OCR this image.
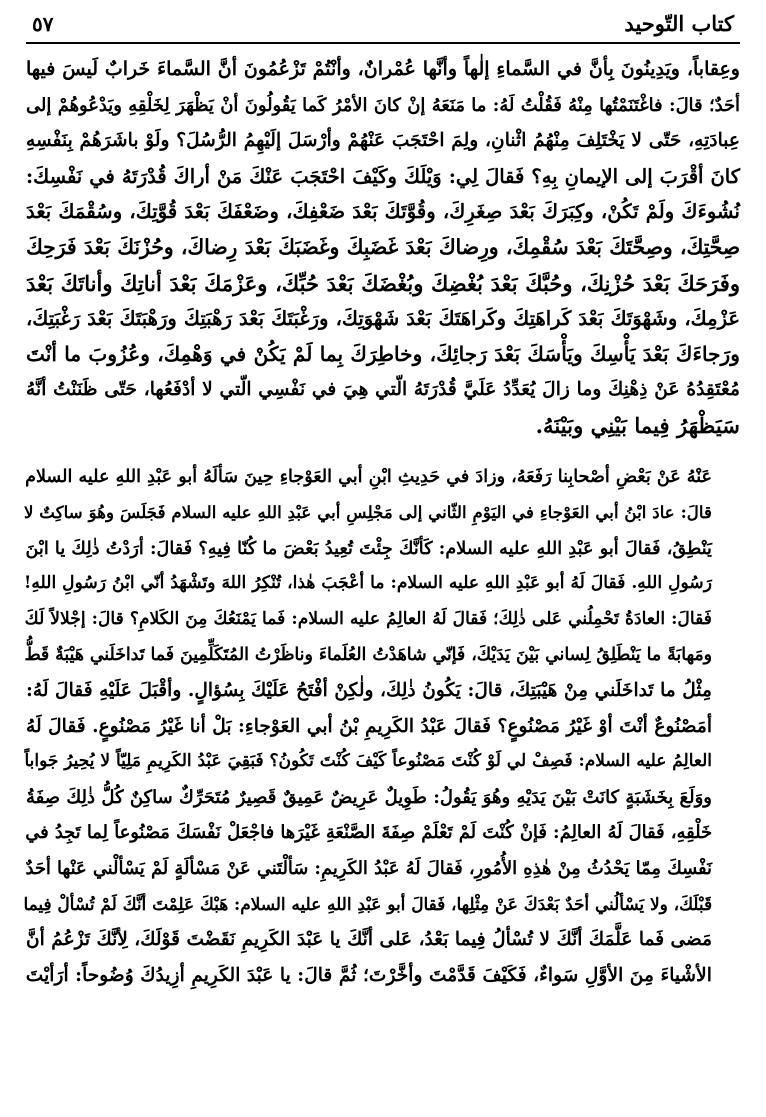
كتاب التّوحيد
٥٧

وعِقاباً، ويَدِينُونَ بِأنَّ في السَّماءِ إلٰهاً وأنَّها عُمْرانٌ، وأنْتُمْ تَزْعُمُونَ أنَّ السَّماءَ خَرابٌ لَيسَ فيها
أحَدٌ؛ قالَ: فاغْتَنَمْتُها مِنْهُ فَقُلْتُ لَهُ: ما مَنَعَهُ إنْ كانَ الأمْرُ كَما يَقُولُونَ أنْ يَظْهَرَ لِخَلْقِهِ ويَدْعُوهُمْ إلى
عِبادَتِهِ، حَتّى لا يَخْتَلِفَ مِنْهُمُ اثْنانِ، ولِمَ احْتَجَبَ عَنْهُمْ وأرْسَلَ إلَيْهِمُ الرُّسُلَ؟ ولَوْ باشَرَهُمْ بِنَفْسِهِ
كانَ أقْرَبَ إلى الإيمانِ بِهِ؟ فَقالَ لِي: وَيْلَكَ وكَيْفَ احْتَجَبَ عَنْكَ مَنْ أراكَ قُدْرَتَهُ في نَفْسِكَ:
نُشُوءَكَ ولَمْ تَكُنْ، وكِبَرَكَ بَعْدَ صِغَرِكَ، وقُوَّتَكَ بَعْدَ ضَعْفِكَ، وضَعْفَكَ بَعْدَ قُوَّتِكَ، وسُقْمَكَ بَعْدَ
صِحَّتِكَ، وصِحَّتَكَ بَعْدَ سُقْمِكَ، ورِضاكَ بَعْدَ غَضَبِكَ وغَضَبَكَ بَعْدَ رِضاكَ، وحُزْنَكَ بَعْدَ فَرَحِكَ
وفَرَحَكَ بَعْدَ حُزْنِكَ، وحُبَّكَ بَعْدَ بُغْضِكَ وبُغْضَكَ بَعْدَ حُبِّكَ، وعَزْمَكَ بَعْدَ أناتِكَ وأناتَكَ بَعْدَ
عَزْمِكَ، وشَهْوَتَكَ بَعْدَ كَراهَتِكَ وكَراهَتَكَ بَعْدَ شَهْوَتِكَ، ورَغْبَتَكَ بَعْدَ رَهْبَتِكَ ورَهْبَتَكَ بَعْدَ رَغْبَتِكَ،
ورَجاءَكَ بَعْدَ يَأْسِكَ ويَأْسَكَ بَعْدَ رَجائِكَ، وخاطِرَكَ بِما لَمْ يَكُنْ في وَهْمِكَ، وعُزُوبَ ما أنْتَ
مُعْتَقِدُهُ عَنْ ذِهْنِكَ وما زالَ يُعَدِّدُ عَلَيَّ قُدْرَتَهُ الّتي هِيَ في نَفْسِي الّتي لا أدْفَعُها، حَتّى ظَنَنْتُ أنَّهُ
سَيَظْهَرُ فِيما بَيْنِي وبَيْنَهُ.

عَنْهُ عَنْ بَعْضِ أصْحابِنا رَفَعَهُ، وزادَ في حَدِيثِ ابْنِ أبي العَوْجاءِ حِينَ سَألَهُ أبو عَبْدِ اللهِ عليه السلام
قالَ: عادَ ابْنُ أبي العَوْجاءِ في اليَوْمِ الثّاني إلى مَجْلِسِ أبي عَبْدِ اللهِ عليه السلام فَجَلَسَ وهُوَ ساكِتٌ لا
يَنْطِقُ، فَقالَ أبو عَبْدِ اللهِ عليه السلام: كَأنَّكَ جِئْتَ تُعِيدُ بَعْضَ ما كُنّا فِيهِ؟ فَقالَ: أرَدْتُ ذٰلِكَ يا ابْنَ
رَسُولِ اللهِ. فَقالَ لَهُ أبو عَبْدِ اللهِ عليه السلام: ما أعْجَبَ هٰذا، تُنْكِرُ اللهَ وتَشْهَدُ أنّي ابْنُ رَسُولِ اللهِ!
فَقالَ: العادَةُ تَحْمِلُني عَلى ذٰلِكَ؛ فَقالَ لَهُ العالِمُ عليه السلام: فَما يَمْنَعُكَ مِنَ الكَلامِ؟ قالَ: إجْلالاً لَكَ
ومَهابَةً ما يَنْطَلِقُ لِساني بَيْنَ يَدَيْكَ، فَإنّي شاهَدْتُ العُلَماءَ وناظَرْتُ المُتَكَلِّمِينَ فَما تَداخَلَني هَيْبَةٌ قَطُّ
مِثْلُ ما تَداخَلَني مِنْ هَيْبَتِكَ، قالَ: يَكُونُ ذٰلِكَ، ولٰكِنْ أفْتَحُ عَلَيْكَ بِسُؤالٍ. وأقْبَلَ عَلَيْهِ فَقالَ لَهُ:
أمَصْنُوعٌ أنْتَ أوْ غَيْرُ مَصْنُوعٍ؟ فَقالَ عَبْدُ الكَرِيمِ بْنُ أبي العَوْجاءِ: بَلْ أنا غَيْرُ مَصْنُوعٍ. فَقالَ لَهُ
العالِمُ عليه السلام: فَصِفْ لي لَوْ كُنْتَ مَصْنُوعاً كَيْفَ كُنْتَ تَكُونُ؟ فَبَقِيَ عَبْدُ الكَرِيمِ مَلِيّاً لا يُحِيرُ جَواباً
ووَلَعَ بِخَشَبَةٍ كانَتْ بَيْنَ يَدَيْهِ وهُوَ يَقُولُ: طَوِيلٌ عَرِيضٌ عَمِيقٌ قَصِيرٌ مُتَحَرِّكٌ ساكِنٌ كُلُّ ذٰلِكَ صِفَةُ
خَلْقِهِ، فَقالَ لَهُ العالِمُ: فَإنْ كُنْتَ لَمْ تَعْلَمْ صِفَةَ الصَّنْعَةِ غَيْرَها فاجْعَلْ نَفْسَكَ مَصْنُوعاً لِما تَجِدُ في
نَفْسِكَ مِمّا يَحْدُثُ مِنْ هٰذِهِ الأُمُورِ، فَقالَ لَهُ عَبْدُ الكَرِيمِ: سَألْتَني عَنْ مَسْألَةٍ لَمْ يَسْألْني عَنْها أحَدٌ
قَبْلَكَ، ولا يَسْألُني أحَدٌ بَعْدَكَ عَنْ مِثْلِها، فَقالَ أبو عَبْدِ اللهِ عليه السلام: هَبْكَ عَلِمْتَ أنَّكَ لَمْ تُسْألْ فِيما
مَضى فَما عَلَّمَكَ أنَّكَ لا تُسْألُ فِيما بَعْدُ، عَلى أنَّكَ يا عَبْدَ الكَرِيمِ نَقَضْتَ قَوْلَكَ، لِأنَّكَ تَزْعُمُ أنَّ
الأشْياءَ مِنَ الأوَّلِ سَواءٌ، فَكَيْفَ قَدَّمْتَ وأخَّرْتَ؛ ثُمَّ قالَ: يا عَبْدَ الكَرِيمِ أزِيدُكَ وُضُوحاً: أرَأيْتَ
